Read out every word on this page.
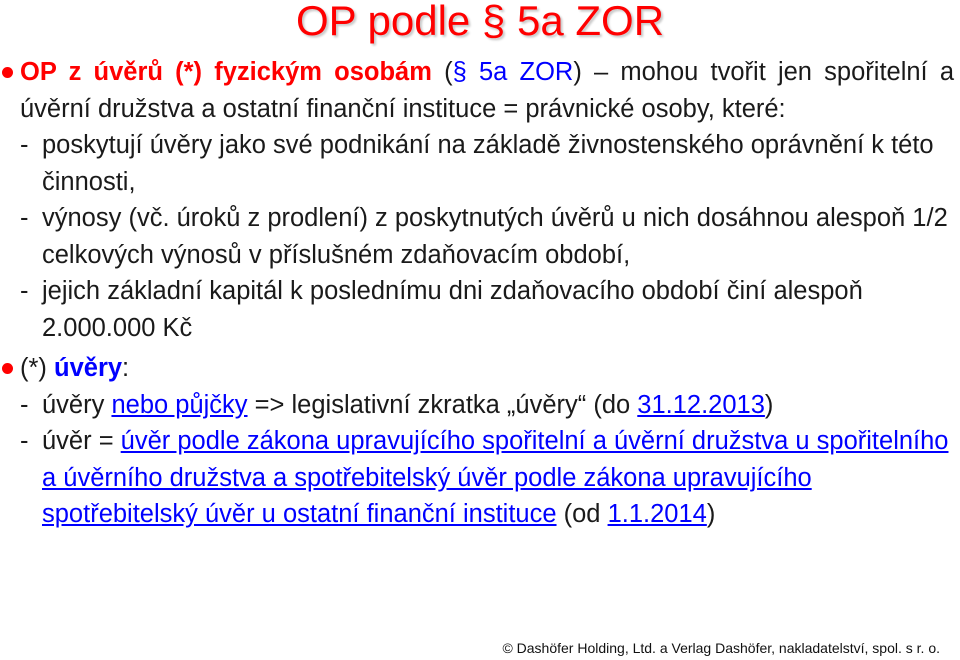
OP podle § 5a ZOR
OP z úvěrů (*) fyzickým osobám (§ 5a ZOR) – mohou tvořit jen spořitelní a úvěrní družstva a ostatní finanční instituce = právnické osoby, které:
- poskytují úvěry jako své podnikání na základě živnostenského oprávnění k této činnosti,
- výnosy (vč. úroků z prodlení) z poskytnutých úvěrů u nich dosáhnou alespoň 1/2 celkových výnosů v příslušném zdaňovacím období,
- jejich základní kapitál k poslednímu dni zdaňovacího období činí alespoň 2.000.000 Kč
(*) úvěry:
- úvěry nebo půjčky => legislativní zkratka „úvěry“ (do 31.12.2013)
- úvěr = úvěr podle zákona upravujícího spořitelní a úvěrní družstva u spořitelního a úvěrního družstva a spotřebitelský úvěr podle zákona upravujícího spotřebitelský úvěr u ostatní finanční instituce (od 1.1.2014)
© Dashöfer Holding, Ltd. a Verlag Dashöfer, nakladatelství, spol. s r. o.
